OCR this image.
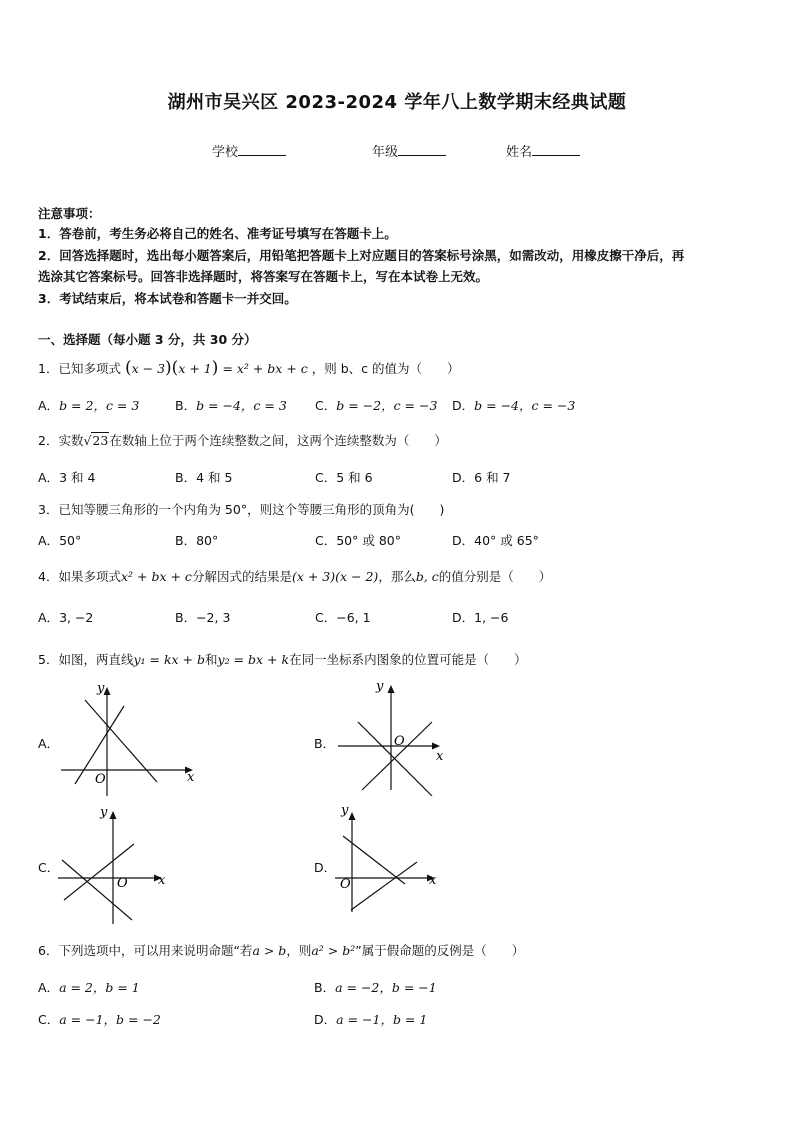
湖州市吴兴区 2023-2024 学年八上数学期末经典试题
学校	年级	姓名
注意事项：
1．答卷前，考生务必将自己的姓名、准考证号填写在答题卡上。
2．回答选择题时，选出每小题答案后，用铅笔把答题卡上对应题目的答案标号涂黑，如需改动，用橡皮擦干净后，再
选涂其它答案标号。回答非选择题时，将答案写在答题卡上，写在本试卷上无效。
3．考试结束后，将本试卷和答题卡一并交回。
一、选择题（每小题 3 分，共 30 分）
1．已知多项式 (x − 3)(x + 1) = x² + bx + c ，则 b、c 的值为（　　）
A．b = 2，c = 3	B．b = −4，c = 3 C．b = −2，c = −3 D．b = −4，c = −3
2．实数√23在数轴上位于两个连续整数之间，这两个连续整数为（　　）
A．3 和 4	B．4 和 5	C．5 和 6	D．6 和 7
3．已知等腰三角形的一个内角为 50°，则这个等腰三角形的顶角为(　　)
A．50°	B．80°	C．50° 或 80°	D．40° 或 65°
4．如果多项式x² + bx + c分解因式的结果是(x + 3)(x − 2)，那么b, c的值分别是（　　）
A．3, −2	B．−2, 3	C．−6, 1	D．1, −6
5．如图，两直线y₁ = kx + b和y₂ = bx + k在同一坐标系内图象的位置可能是（　　）
A．	B．
C．	D．
x
y
O
x
y
O
x
y
O	x
y
O
6．下列选项中，可以用来说明命题“若a > b，则a² > b²”属于假命题的反例是（　　）
A．a = 2，b = 1	B．a = −2，b = −1
C．a = −1，b = −2	D．a = −1，b = 1
